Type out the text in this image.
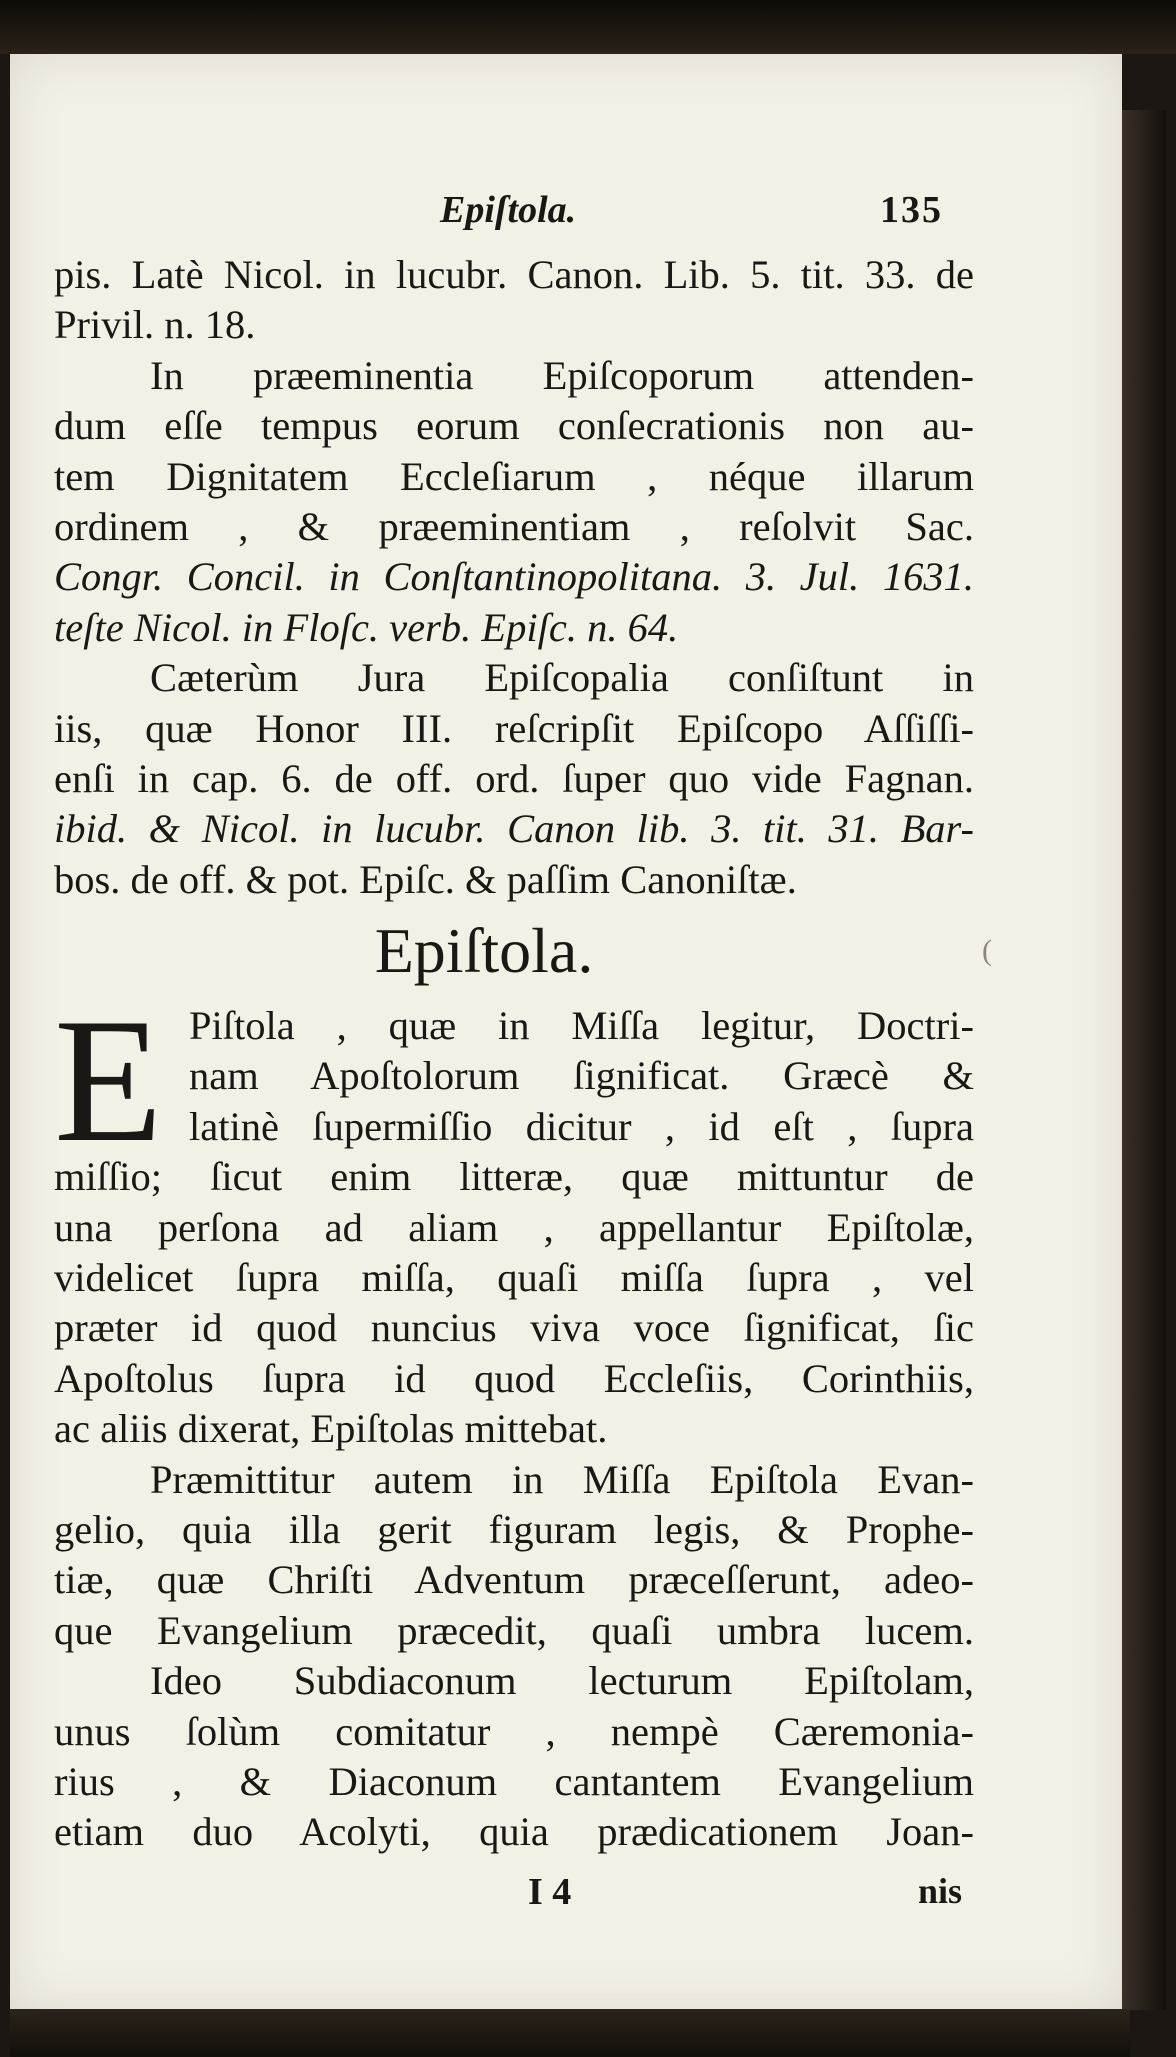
Epiſtola.	135
pis. Latè Nicol. in lucubr. Canon. Lib. 5. tit. 33. de
Privil. n. 18.
In præeminentia Epiſcoporum attenden-
dum eſſe tempus eorum conſecrationis non au-
tem Dignitatem Eccleſiarum , néque illarum
ordinem , & præeminentiam , reſolvit Sac.
Congr. Concil. in Conſtantinopolitana. 3. Jul. 1631.
teſte Nicol. in Floſc. verb. Epiſc. n. 64.
Cæterùm Jura Epiſcopalia conſiſtunt in
iis, quæ Honor III. reſcripſit Epiſcopo Aſſiſſi-
enſi in cap. 6. de off. ord. ſuper quo vide Fagnan.
ibid. & Nicol. in lucubr. Canon lib. 3. tit. 31. Bar-
bos. de off. & pot. Epiſc. & paſſim Canoniſtæ.
Epiſtola.
E Piſtola , quæ in Miſſa legitur, Doctri-
nam Apoſtolorum ſignificat. Græcè &
latinè ſupermiſſio dicitur , id eſt , ſupra
miſſio; ſicut enim litteræ, quæ mittuntur de
una perſona ad aliam , appellantur Epiſtolæ,
videlicet ſupra miſſa, quaſi miſſa ſupra , vel
præter id quod nuncius viva voce ſignificat, ſic
Apoſtolus ſupra id quod Eccleſiis, Corinthiis,
ac aliis dixerat, Epiſtolas mittebat.
Præmittitur autem in Miſſa Epiſtola Evan-
gelio, quia illa gerit figuram legis, & Prophe-
tiæ, quæ Chriſti Adventum præceſſerunt, adeo-
que Evangelium præcedit, quaſi umbra lucem.
Ideo Subdiaconum lecturum Epiſtolam,
unus ſolùm comitatur , nempè Cæremonia-
rius , & Diaconum cantantem Evangelium
etiam duo Acolyti, quia prædicationem Joan-
I 4	nis
(
